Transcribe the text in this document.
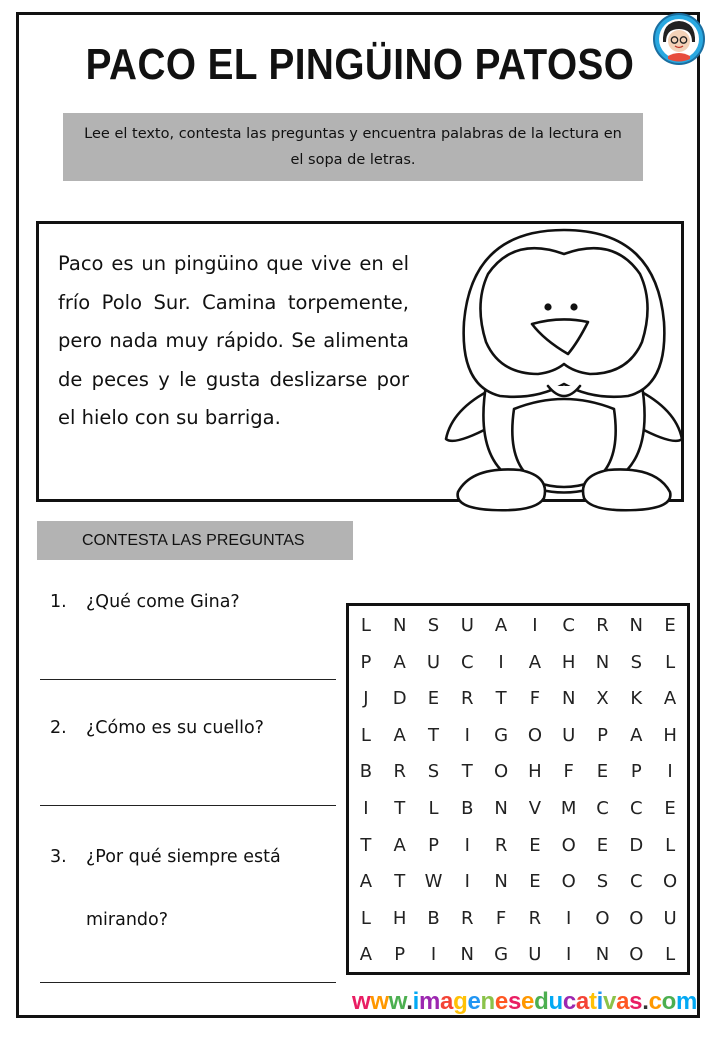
PACO EL PINGÜINO PATOSO
Lee el texto, contesta las preguntas y encuentra palabras de la lectura en el sopa de letras.

Paco es un pingüino que vive en el frío Polo Sur. Camina torpemente, pero nada muy rápido. Se alimenta de peces y le gusta deslizarse por el hielo con su barriga.

CONTESTA LAS PREGUNTAS
1. ¿Qué come Gina?
2. ¿Cómo es su cuello?
3. ¿Por qué siempre está
mirando?
L	N	S	U	A	I	C	R	N	E
P	A	U	C	I	A	H	N	S	L
J	D	E	R	T	F	N	X	K	A
L	A	T	I	G	O	U	P	A	H
B	R	S	T	O	H	F	E	P	I
I	T	L	B	N	V	M	C	C	E
T	A	P	I	R	E	O	E	D	L
A	T	W	I	N	E	O	S	C	O
L	H	B	R	F	R	I	O	O	U
A	P	I	N	G	U	I	N	O	L
www.imageneseducativas.com
